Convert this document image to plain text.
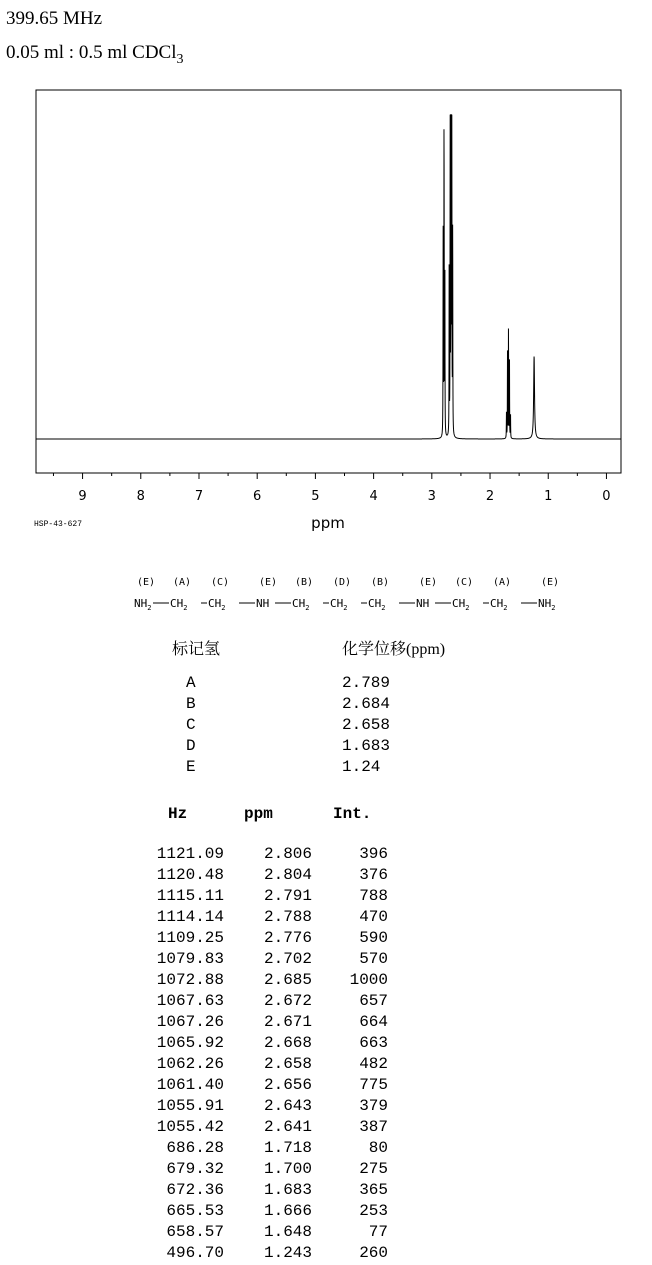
399.65 MHz
0.05 ml : 0.5 ml CDCl$_3$
9	8	7	6	5	4	3	2	1	0
ppm
HSP-43-627
$NH_2$ $CH_2$ $CH_2$	NH $CH_2$ $CH_2$ $CH_2$	NH $CH_2$ $CH_2$	$NH_2$
(E) (A) (C)	(E) (B) (D) (B)	(E) (C) (A)	(E)
标记氢	化学位移(ppm)
A	2.789
B	2.684
C	2.658
D	1.683
E	1.24
Hz	ppm	Int.
1121.09 2.806	396
1120.48 2.804	376
1115.11 2.791	788
1114.14 2.788	470
1109.25 2.776	590
1079.83 2.702	570
1072.88 2.685 1000
1067.63 2.672	657
1067.26 2.671	664
1065.92 2.668	663
1062.26 2.658	482
1061.40 2.656	775
1055.91 2.643	379
1055.42 2.641	387
686.28 1.718	80
679.32 1.700	275
672.36 1.683	365
665.53 1.666	253
658.57 1.648	77
496.70 1.243	260
